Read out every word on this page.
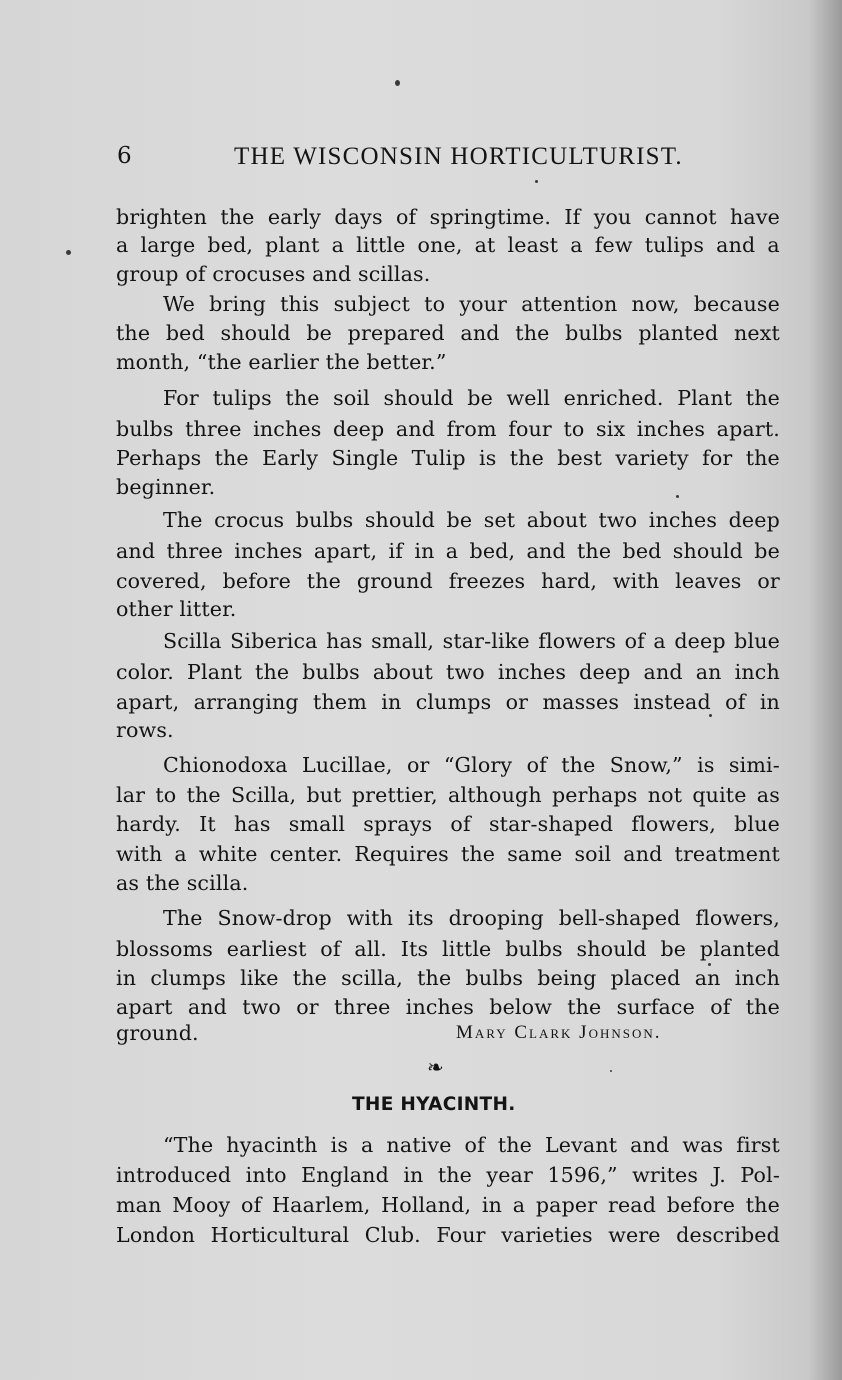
6	THE WISCONSIN HORTICULTURIST.
brighten the early days of springtime. If you cannot have
a large bed, plant a little one, at least a few tulips and a
group of crocuses and scillas.
We bring this subject to your attention now, because
the bed should be prepared and the bulbs planted next
month, “the earlier the better.”
For tulips the soil should be well enriched. Plant the
bulbs three inches deep and from four to six inches apart.
Perhaps the Early Single Tulip is the best variety for the
beginner.
The crocus bulbs should be set about two inches deep
and three inches apart, if in a bed, and the bed should be
covered, before the ground freezes hard, with leaves or
other litter.
Scilla Siberica has small, star-like flowers of a deep blue
color. Plant the bulbs about two inches deep and an inch
apart, arranging them in clumps or masses instead of in
rows.
Chionodoxa Lucillae, or “Glory of the Snow,” is simi-
lar to the Scilla, but prettier, although perhaps not quite as
hardy. It has small sprays of star-shaped flowers, blue
with a white center. Requires the same soil and treatment
as the scilla.
The Snow-drop with its drooping bell-shaped flowers,
blossoms earliest of all. Its little bulbs should be planted
in clumps like the scilla, the bulbs being placed an inch
apart and two or three inches below the surface of the
ground.	Mary Clark Johnson.
❧
THE HYACINTH.
“The hyacinth is a native of the Levant and was first
introduced into England in the year 1596,” writes J. Pol-
man Mooy of Haarlem, Holland, in a paper read before the
London Horticultural Club. Four varieties were described
